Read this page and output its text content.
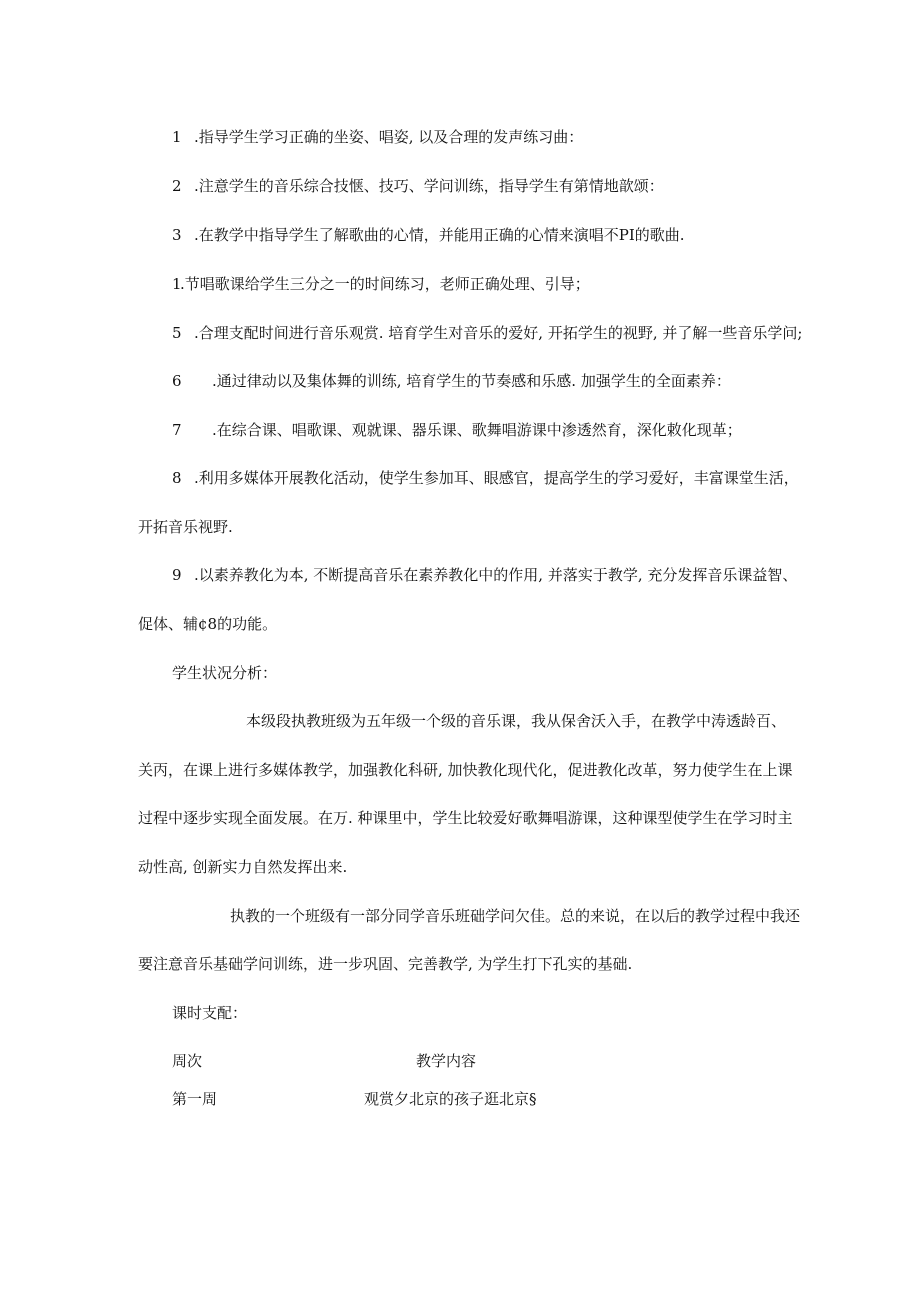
1 .指导学生学习正确的坐姿、唱姿, 以及合理的发声练习曲：
2 .注意学生的音乐综合技惬、技巧、学问训练，指导学生有第情地歆颂：
3 .在教学中指导学生了解歌曲的心情，并能用正确的心情来演唱不PI的歌曲.
1.节唱歌课给学生三分之一的时间练习，老师正确处理、引导；
5 .合理支配时间进行音乐观赏. 培育学生对音乐的爱好, 开拓学生的视野, 并了解一些音乐学问;
6 .通过律动以及集体舞的训练, 培育学生的节奏感和乐感. 加强学生的全面素养：
7 .在综合课、唱歌课、观就课、器乐课、歌舞唱游课中渗透然育，深化敕化现革；
8 .利用多媒体开展教化活动，使学生参加耳、眼感官，提高学生的学习爱好，丰富课堂生活，
开拓音乐视野.
9 .以素养教化为本, 不断提高音乐在素养教化中的作用, 并落实于教学, 充分发挥音乐课益智、
促体、辅¢8的功能。
学生状况分析：
本级段执教班级为五年级一个级的音乐课，我从保舍沃入手，在教学中涛透龄百、
关丙，在课上进行多媒体教学，加强教化科研, 加快教化现代化，促进教化改革，努力使学生在上课
过程中逐步实现全面发展。在万. 种课里中，学生比较爱好歌舞唱游课，这种课型使学生在学习时主
动性高, 创新实力自然发挥出来.
执教的一个班级有一部分同学音乐班础学问欠佳。总的来说，在以后的教学过程中我还
要注意音乐基础学问训练，进一步巩固、完善教学, 为学生打下孔实的基础.
课时支配：
周次	教学内容
第一周	观赏夕北京的孩子逛北京§
